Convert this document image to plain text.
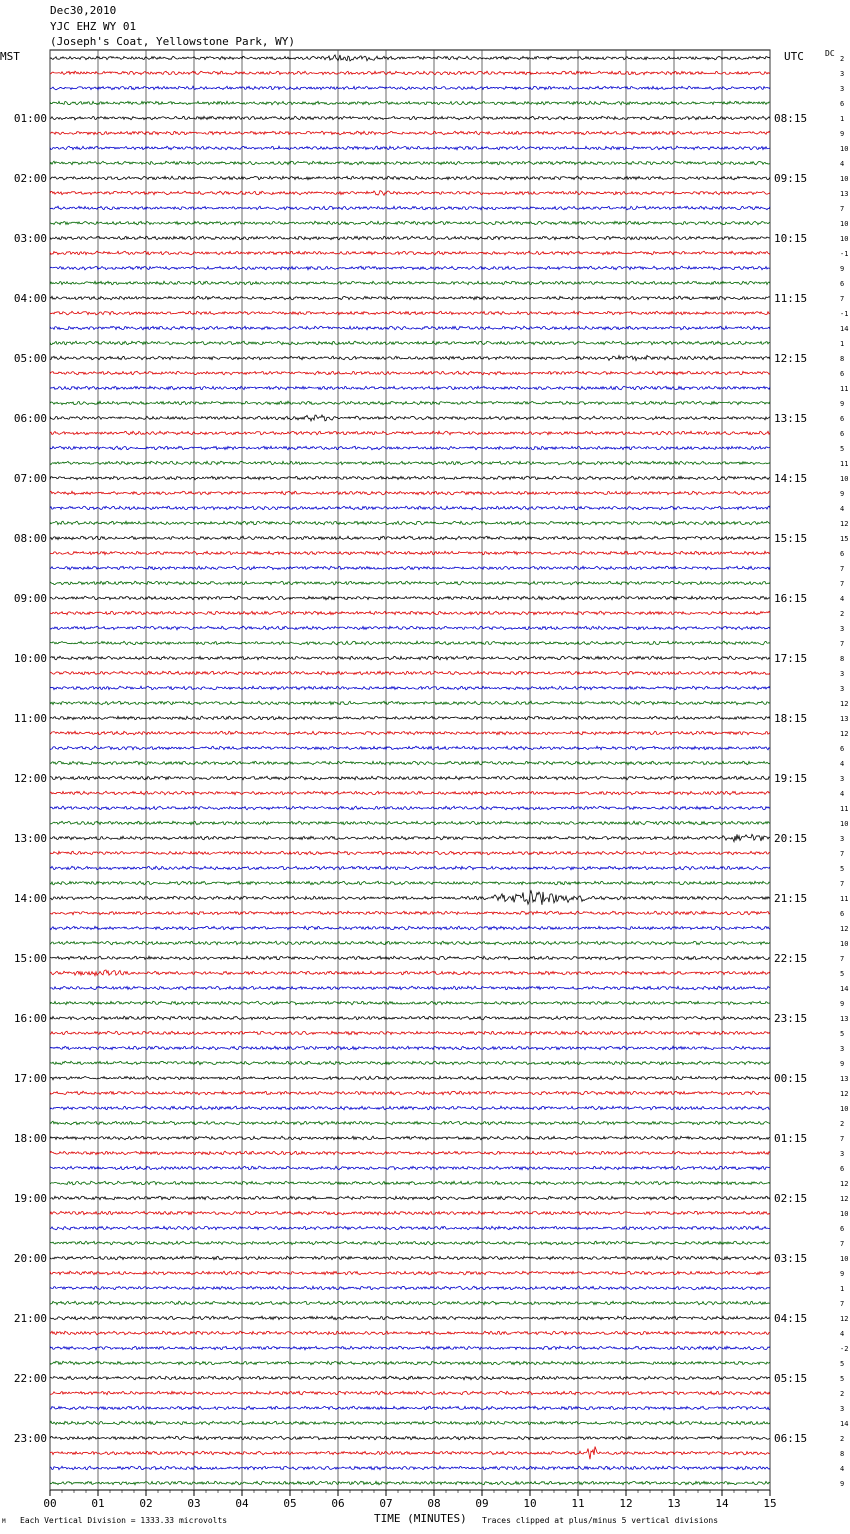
Dec30,2010
YJC EHZ WY 01
(Joseph's Coat, Yellowstone Park, WY)
MST	UTC	DC
00	01	02	03	04	05	06	07	08	09	10	11	12	13	14	15
2
3
3
6
1
01:00	08:15
9
10
4
10
02:00	09:15
13
7
10
10
03:00	10:15
-1
9
6
7
04:00	11:15
-1
14
1
8
05:00	12:15
6
11
9
6
06:00	13:15
6
5
11
10
07:00	14:15
9
4
12
15
08:00	15:15
6
7
7
4
09:00	16:15
2
3
7
8
10:00	17:15
3
3
12
13
11:00	18:15
12
6
4
3
12:00	19:15
4
11
10
3
13:00	20:15
7
5
7
11
14:00	21:15
6
12
10
7
15:00	22:15
5
14
9
13
16:00	23:15
5
3
9
13
17:00	00:15
12
10
2
7
18:00	01:15
3
6
12
12
19:00	02:15
10
6
7
10
20:00	03:15
9
1
7
12
21:00	04:15
4
-2
5
5
22:00	05:15
2
3
14
2
23:00	06:15
8
4
9
TIME (MINUTES)
Each Vertical Division = 1333.33 microvolts	Traces clipped at plus/minus 5 vertical divisions
M
